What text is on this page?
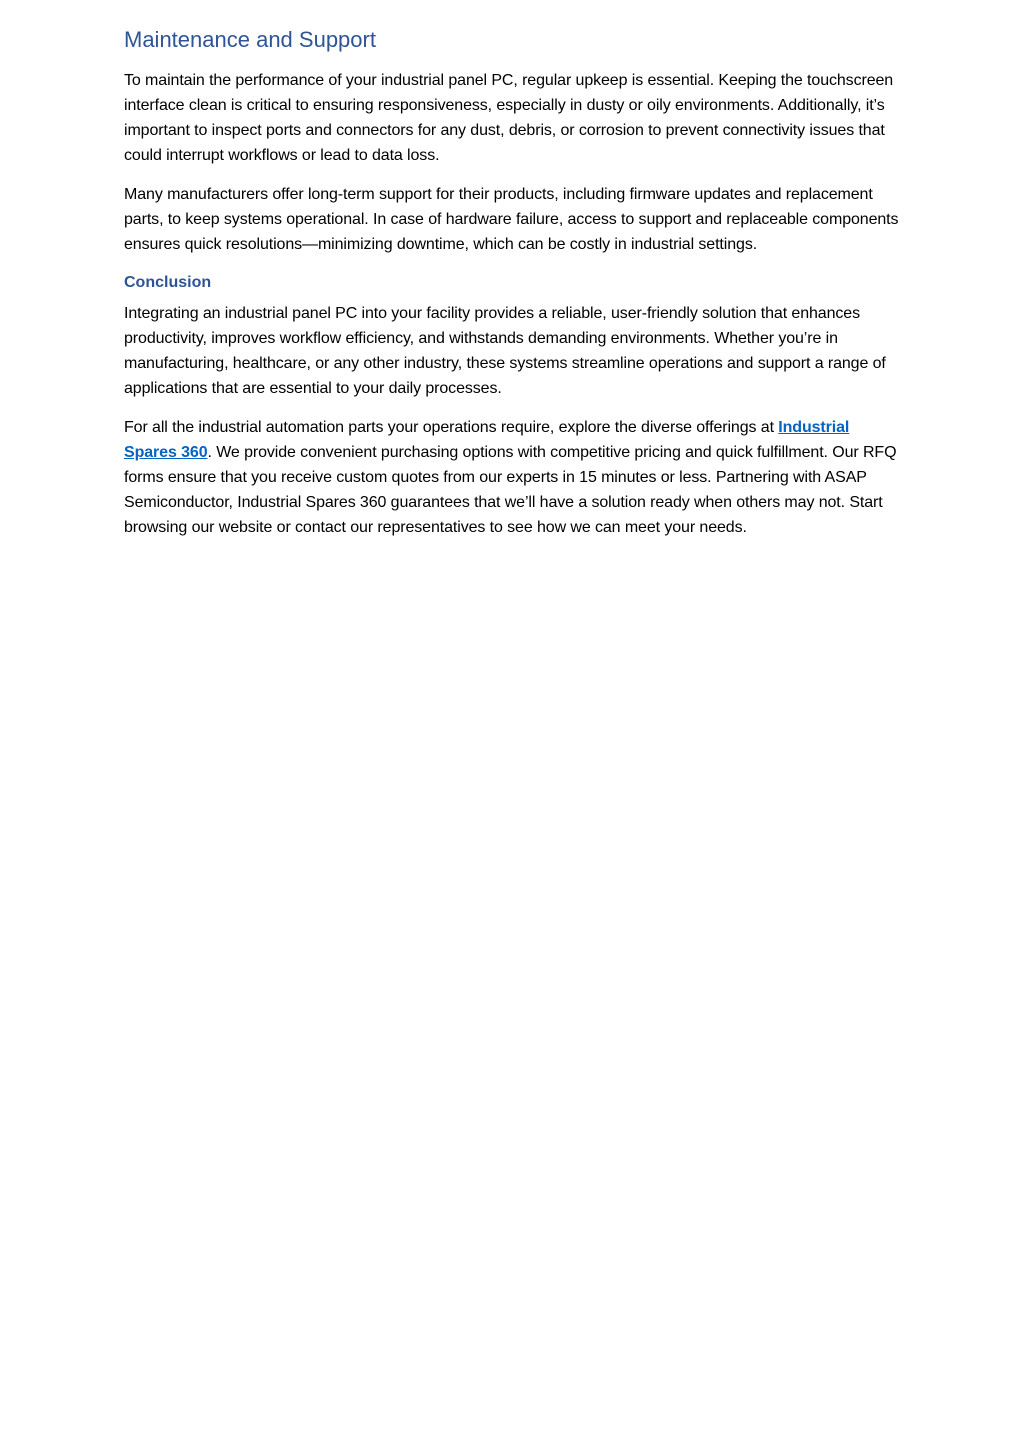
Maintenance and Support

To maintain the performance of your industrial panel PC, regular upkeep is essential. Keeping the touchscreen interface clean is critical to ensuring responsiveness, especially in dusty or oily environments. Additionally, it’s important to inspect ports and connectors for any dust, debris, or corrosion to prevent connectivity issues that could interrupt workflows or lead to data loss.

Many manufacturers offer long-term support for their products, including firmware updates and replacement parts, to keep systems operational. In case of hardware failure, access to support and replaceable components ensures quick resolutions—minimizing downtime, which can be costly in industrial settings.

Conclusion

Integrating an industrial panel PC into your facility provides a reliable, user-friendly solution that enhances productivity, improves workflow efficiency, and withstands demanding environments. Whether you’re in manufacturing, healthcare, or any other industry, these systems streamline operations and support a range of applications that are essential to your daily processes.

For all the industrial automation parts your operations require, explore the diverse offerings at Industrial Spares 360. We provide convenient purchasing options with competitive pricing and quick fulfillment. Our RFQ forms ensure that you receive custom quotes from our experts in 15 minutes or less. Partnering with ASAP Semiconductor, Industrial Spares 360 guarantees that we’ll have a solution ready when others may not. Start browsing our website or contact our representatives to see how we can meet your needs.
